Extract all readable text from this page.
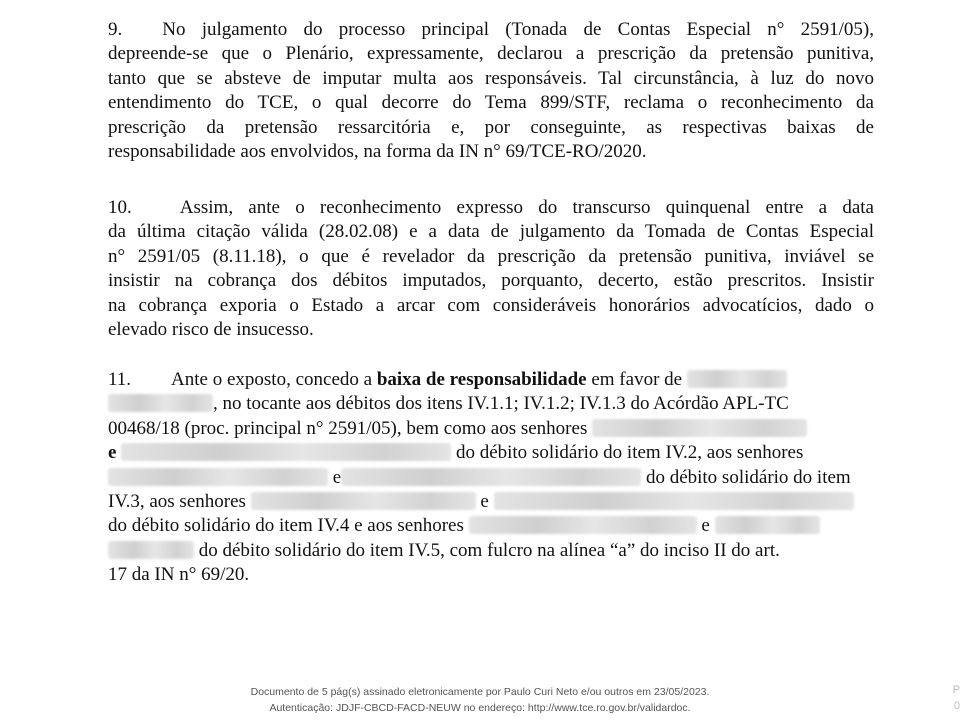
9. No julgamento do processo principal (Tonada de Contas Especial n° 2591/05),
depreende-se que o Plenário, expressamente, declarou a prescrição da pretensão punitiva,
tanto que se absteve de imputar multa aos responsáveis. Tal circunstância, à luz do novo
entendimento do TCE, o qual decorre do Tema 899/STF, reclama o reconhecimento da
prescrição da pretensão ressarcitória e, por conseguinte, as respectivas baixas de
responsabilidade aos envolvidos, na forma da IN n° 69/TCE-RO/2020.
10.	Assim, ante o reconhecimento expresso do transcurso quinquenal entre a data
da última citação válida (28.02.08) e a data de julgamento da Tomada de Contas Especial
n° 2591/05 (8.11.18), o que é revelador da prescrição da pretensão punitiva, inviável se
insistir na cobrança dos débitos imputados, porquanto, decerto, estão prescritos. Insistir
na cobrança exporia o Estado a arcar com consideráveis honorários advocatícios, dado o
elevado risco de insucesso.
11. Ante o exposto, concedo a baixa de responsabilidade em favor de
, no tocante aos débitos dos itens IV.1.1; IV.1.2; IV.1.3 do Acórdão APL-TC
00468/18 (proc. principal n° 2591/05), bem como aos senhores
e	do débito solidário do item IV.2, aos senhores
e	do débito solidário do item
IV.3, aos senhores	e
do débito solidário do item IV.4 e aos senhores	e
do débito solidário do item IV.5, com fulcro na alínea “a” do inciso II do art.
17 da IN n° 69/20.
Documento de 5 pág(s) assinado eletronicamente por Paulo Curi Neto e/ou outros em 23/05/2023.
Autenticação: JDJF-CBCD-FACD-NEUW no endereço: http://www.tce.ro.gov.br/validardoc.
P
0
